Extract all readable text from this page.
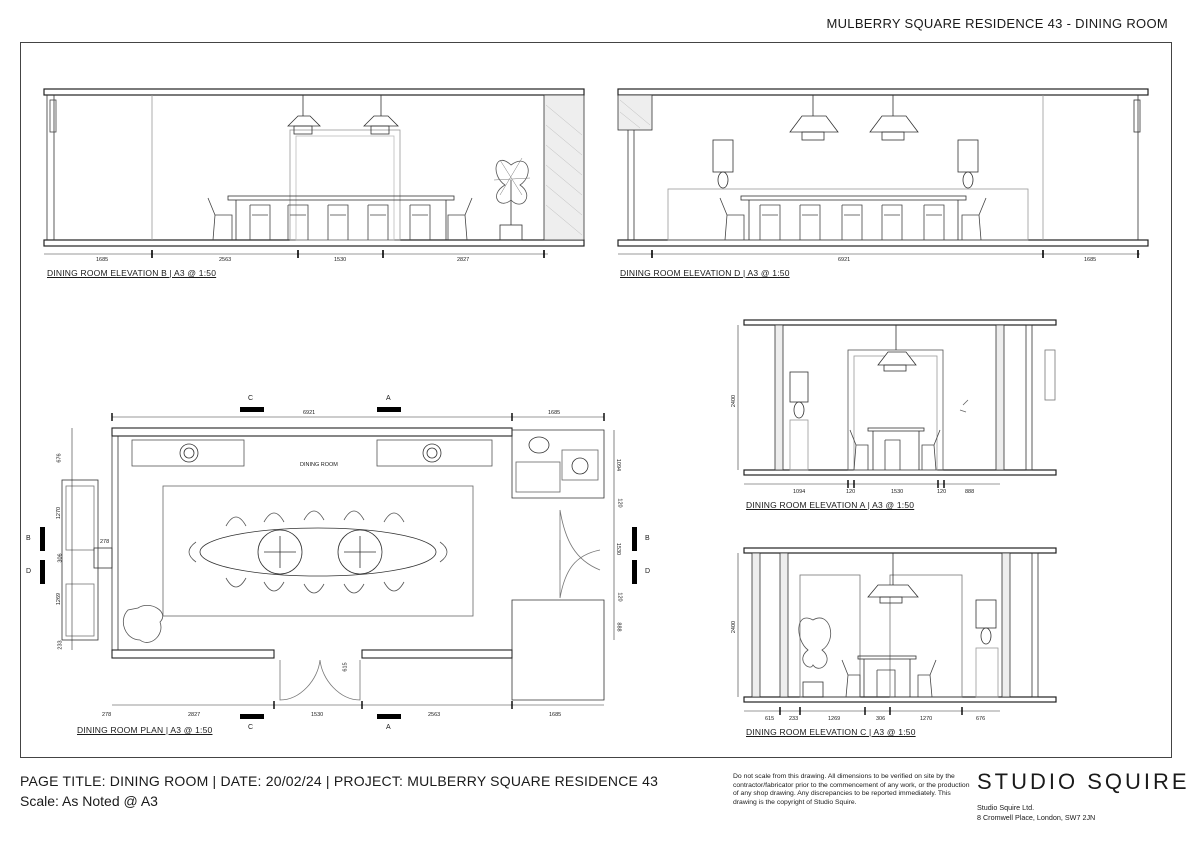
MULBERRY SQUARE RESIDENCE 43 - DINING ROOM
1685	2563	1530	2827
DINING ROOM ELEVATION B | A3 @ 1:50
6921	1685
DINING ROOM ELEVATION D | A3 @ 1:50
2400
1094	120	1530	120	888
DINING ROOM ELEVATION A | A3 @ 1:50
2400
615	233	1269	306	1270	676
DINING ROOM ELEVATION C | A3 @ 1:50
C	A
B
D
B
D
C	A
DINING ROOM
6921	1685
278	2827	1530	2563	1685
676
1270
306
1269
233
278
1094
120
1530
120
888
615
DINING ROOM PLAN | A3 @ 1:50
PAGE TITLE: DINING ROOM | DATE: 20/02/24 | PROJECT: MULBERRY SQUARE RESIDENCE 43
Scale: As Noted @ A3
Do not scale from this drawing. All dimensions to be verified on site by the contractor/fabricator prior to the commencement of any work, or the production of any shop drawing. Any discrepancies to be reported immediately. This drawing is the copyright of Studio Squire.
STUDIO SQUIRE
Studio Squire Ltd.
8 Cromwell Place, London, SW7 2JN
